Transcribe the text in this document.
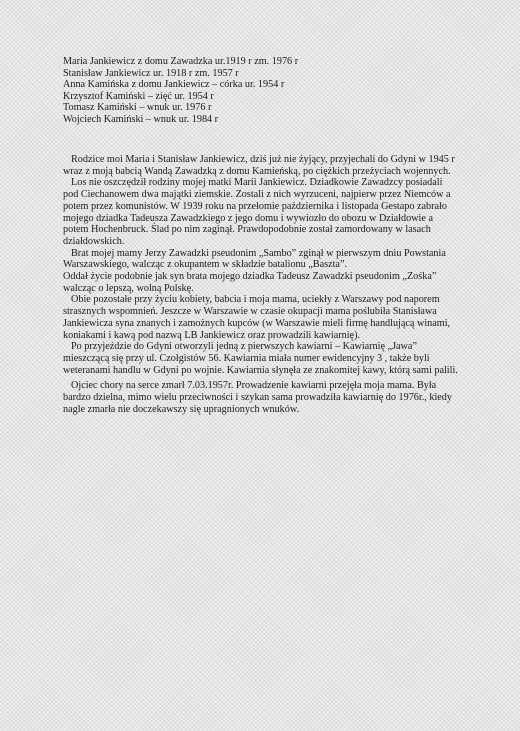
Maria Jankiewicz z domu Zawadzka ur.1919 r zm. 1976 r
Stanisław Jankiewicz ur. 1918 r zm. 1957 r
Anna Kamińska z domu Jankiewicz – córka ur. 1954 r
Krzysztof Kamiński – zięć ur. 1954 r
Tomasz Kamiński – wnuk ur. 1976 r
Wojciech Kamiński – wnuk ur. 1984 r

Rodzice moi Maria i Stanisław Jankiewicz, dziś już nie żyjący, przyjechali do Gdyni w 1945 r wraz z moją babcią Wandą Zawadzką z domu Kamieńską, po ciężkich przeżyciach wojennych.

Los nie oszczędził rodziny mojej matki Marii Jankiewicz. Dziadkowie Zawadzcy posiadali pod Ciechanowem dwa majątki ziemskie. Zostali z nich wyrzuceni, najpierw przez Niemców a potem przez komunistów. W 1939 roku na przełomie października i listopada Gestapo zabrało mojego dziadka Tadeusza Zawadzkiego z jego domu i wywiozło do obozu w Działdowie a potem Hochenbruck. Ślad po nim zaginął. Prawdopodobnie został zamordowany w lasach działdowskich.

Brat mojej mamy Jerzy Zawadzki pseudonim „Sambo” zginął w pierwszym dniu Powstania Warszawskiego, walcząc z okupantem w składzie batalionu „Baszta”.

Oddał życie podobnie jak syn brata mojego dziadka Tadeusz Zawadzki pseudonim „Zośka” walcząc o lepszą, wolną Polskę.

Obie pozostałe przy życiu kobiety, babcia i moja mama, uciekły z Warszawy pod naporem strasznych wspomnień. Jeszcze w Warszawie w czasie okupacji mama poślubiła Stanisława Jankiewicza syna znanych i zamożnych kupców (w Warszawie mieli firmę handlującą winami, koniakami i kawą pod nazwą LB Jankiewicz oraz prowadzili kawiarnię).

Po przyjeździe do Gdyni otworzyli jedną z pierwszych kawiarni – Kawiarnię „Jawa” mieszczącą się przy ul. Czołgistów 56. Kawiarnia miała numer ewidencyjny 3 , także byli weteranami handlu w Gdyni po wojnie. Kawiarnia słynęła ze znakomitej kawy, którą sami palili.

Ojciec chory na serce zmarł 7.03.1957r. Prowadzenie kawiarni przejęła moja mama. Była bardzo dzielna, mimo wielu przeciwności i szykan sama prowadziła kawiarnię do 1976r., kiedy nagle zmarła nie doczekawszy się upragnionych wnuków.
